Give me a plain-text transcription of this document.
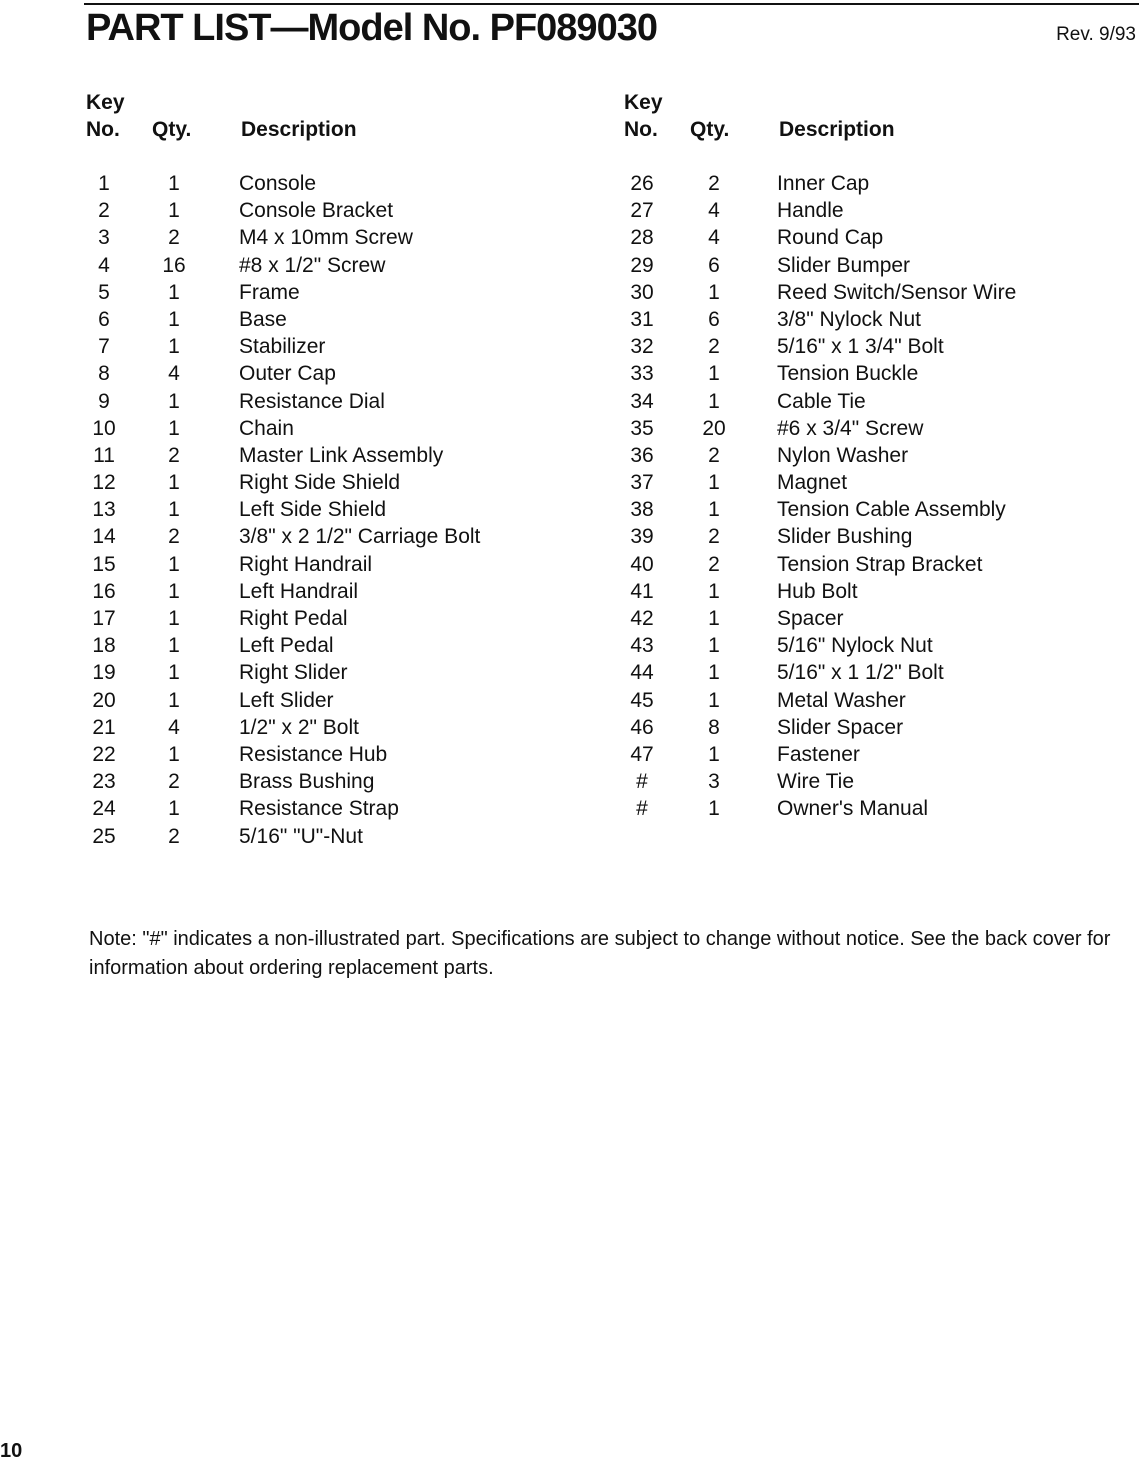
PART LIST—Model No. PF089030	Rev. 9/93
Key
No. Qty. Description
1	1	Console
2	1	Console Bracket
3	2	M4 x 10mm Screw
4	16	#8 x 1/2" Screw
5	1	Frame
6	1	Base
7	1	Stabilizer
8	4	Outer Cap
9	1	Resistance Dial
10	1	Chain
11	2	Master Link Assembly
12	1	Right Side Shield
13	1	Left Side Shield
14	2	3/8" x 2 1/2" Carriage Bolt
15	1	Right Handrail
16	1	Left Handrail
17	1	Right Pedal
18	1	Left Pedal
19	1	Right Slider
20	1	Left Slider
21	4	1/2" x 2" Bolt
22	1	Resistance Hub
23	2	Brass Bushing
24	1	Resistance Strap
25	2	5/16" "U"-Nut
Key
No. Qty. Description
26	2	Inner Cap
27	4	Handle
28	4	Round Cap
29	6	Slider Bumper
30	1	Reed Switch/Sensor Wire
31	6	3/8" Nylock Nut
32	2	5/16" x 1 3/4" Bolt
33	1	Tension Buckle
34	1	Cable Tie
35	20	#6 x 3/4" Screw
36	2	Nylon Washer
37	1	Magnet
38	1	Tension Cable Assembly
39	2	Slider Bushing
40	2	Tension Strap Bracket
41	1	Hub Bolt
42	1	Spacer
43	1	5/16" Nylock Nut
44	1	5/16" x 1 1/2" Bolt
45	1	Metal Washer
46	8	Slider Spacer
47	1	Fastener
#	3	Wire Tie
#	1	Owner's Manual

Note: "#" indicates a non-illustrated part. Specifications are subject to change without notice. See the back cover for information about ordering replacement parts.

10
